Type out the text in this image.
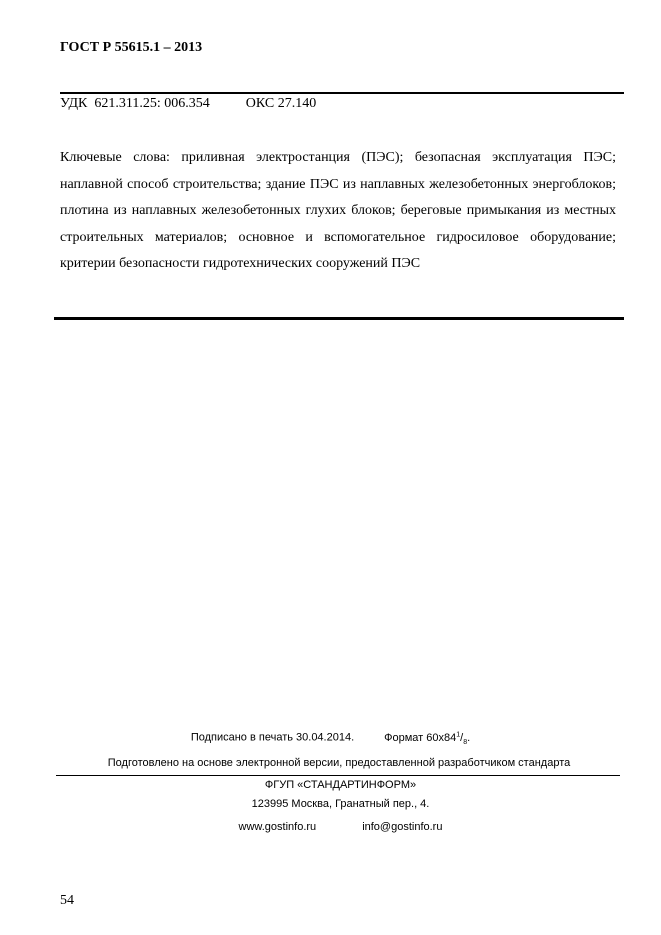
ГОСТ Р 55615.1 – 2013
УДК  621.311.25: 006.354	ОКС 27.140
Ключевые слова: приливная электростанция (ПЭС); безопасная эксплуатация ПЭС; наплавной способ строительства; здание ПЭС из наплавных железобетонных энергоблоков; плотина из наплавных железобетонных глухих блоков; береговые примыкания из местных строительных материалов; основное и вспомогательное гидросиловое оборудование; критерии безопасности гидротехнических сооружений ПЭС
Подписано в печать 30.04.2014.	Формат $60х84^1/_8$.
Подготовлено на основе электронной версии, предоставленной разработчиком стандарта
ФГУП «СТАНДАРТИНФОРМ»
123995 Москва, Гранатный пер., 4.
www.gostinfo.ru	info@gostinfo.ru
54
